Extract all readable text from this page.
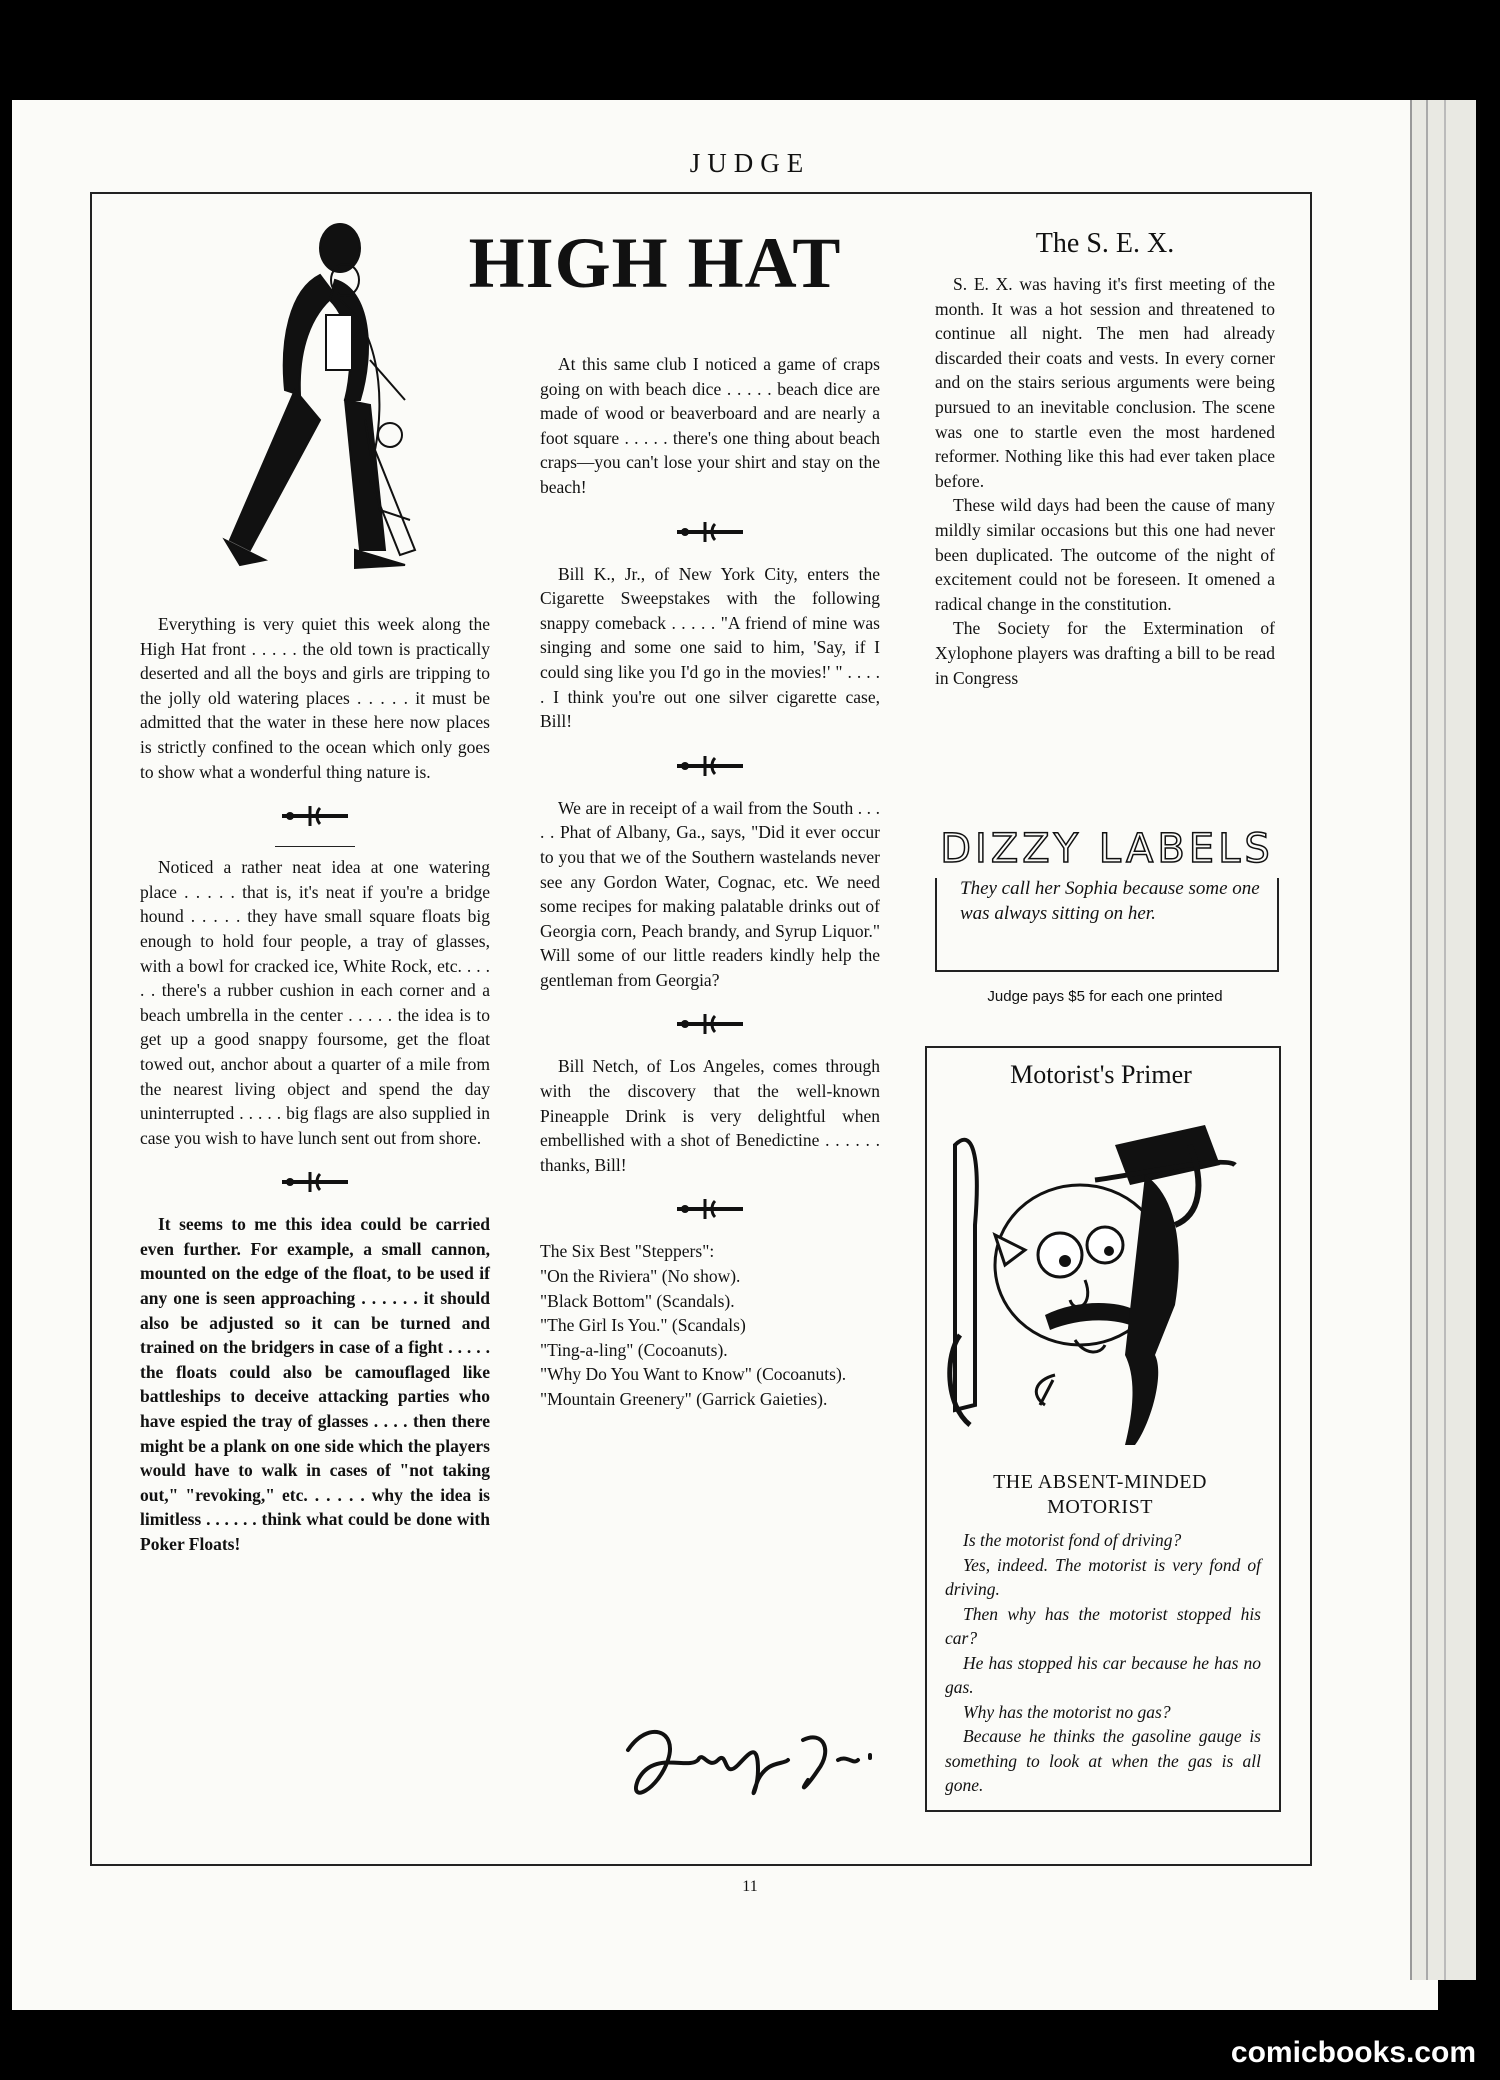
JUDGE
HIGH HAT

Everything is very quiet this week along the High Hat front . . . . . the old town is practically deserted and all the boys and girls are tripping to the jolly old watering places . . . . . it must be admitted that the water in these here now places is strictly confined to the ocean which only goes to show what a wonderful thing nature is.

Noticed a rather neat idea at one watering place . . . . . that is, it's neat if you're a bridge hound . . . . . they have small square floats big enough to hold four people, a tray of glasses, with a bowl for cracked ice, White Rock, etc. . . . . . there's a rubber cushion in each corner and a beach umbrella in the center . . . . . the idea is to get up a good snappy foursome, get the float towed out, anchor about a quarter of a mile from the nearest living object and spend the day uninterrupted . . . . . big flags are also supplied in case you wish to have lunch sent out from shore.

It seems to me this idea could be carried even further. For example, a small cannon, mounted on the edge of the float, to be used if any one is seen approaching . . . . . . it should also be adjusted so it can be turned and trained on the bridgers in case of a fight . . . . . the floats could also be camouflaged like battleships to deceive attacking parties who have espied the tray of glasses . . . . then there might be a plank on one side which the players would have to walk in cases of "not taking out," "revoking," etc. . . . . . why the idea is limitless . . . . . . think what could be done with Poker Floats!

At this same club I noticed a game of craps going on with beach dice . . . . . beach dice are made of wood or beaverboard and are nearly a foot square . . . . . there's one thing about beach craps—you can't lose your shirt and stay on the beach!

Bill K., Jr., of New York City, enters the Cigarette Sweepstakes with the following snappy comeback . . . . . "A friend of mine was singing and some one said to him, 'Say, if I could sing like you I'd go in the movies!' " . . . . . I think you're out one silver cigarette case, Bill!

We are in receipt of a wail from the South . . . . . Phat of Albany, Ga., says, "Did it ever occur to you that we of the Southern wastelands never see any Gordon Water, Cognac, etc. We need some recipes for making palatable drinks out of Georgia corn, Peach brandy, and Syrup Liquor." Will some of our little readers kindly help the gentleman from Georgia?

Bill Netch, of Los Angeles, comes through with the discovery that the well-known Pineapple Drink is very delightful when embellished with a shot of Benedictine . . . . . . thanks, Bill!

The Six Best "Steppers":
"On the Riviera" (No show).
"Black Bottom" (Scandals).
"The Girl Is You." (Scandals)
"Ting-a-ling" (Cocoanuts).
"Why Do You Want to Know" (Cocoanuts).
"Mountain Greenery" (Garrick Gaieties).
The S. E. X.

S. E. X. was having it's first meeting of the month. It was a hot session and threatened to continue all night. The men had already discarded their coats and vests. In every corner and on the stairs serious arguments were being pursued to an inevitable conclusion. The scene was one to startle even the most hardened reformer. Nothing like this had ever taken place before.

These wild days had been the cause of many mildly similar occasions but this one had never been duplicated. The outcome of the night of excitement could not be foreseen. It omened a radical change in the constitution.

The Society for the Extermination of Xylophone players was drafting a bill to be read in Congress

DIZZY LABELS
They call her Sophia because some one was always sitting on her.
Judge pays $5 for each one printed
Motorist's Primer
THE ABSENT-MINDED
MOTORIST

Is the motorist fond of driving?

Yes, indeed. The motorist is very fond of driving.

Then why has the motorist stopped his car?

He has stopped his car because he has no gas.

Why has the motorist no gas?

Because he thinks the gasoline gauge is something to look at when the gas is all gone.

11
comicbooks.com
